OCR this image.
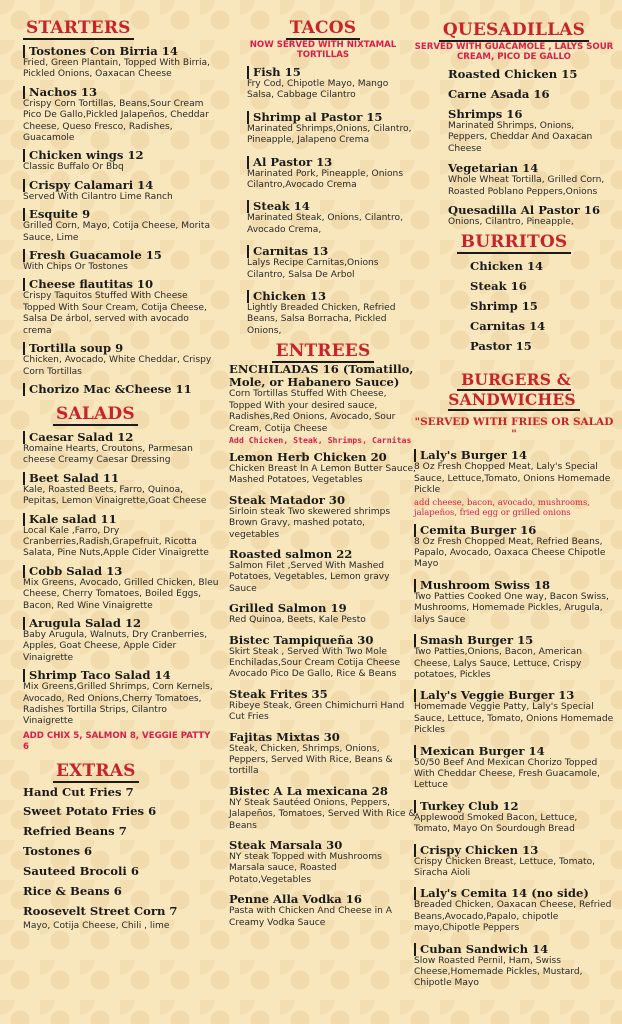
STARTERS
Tostones Con Birria 14
Fried, Green Plantain, Topped With Birria, Pickled Onions, Oaxacan Cheese
Nachos 13
Crispy Corn Tortillas, Beans,Sour Cream Pico De Gallo,Pickled Jalapeños, Cheddar Cheese, Queso Fresco, Radishes, Guacamole
Chicken wings 12
Classic Buffalo Or Bbq
Crispy Calamari 14
Served With Cilantro Lime Ranch
Esquite 9
Grilled Corn, Mayo, Cotija Cheese, Morita Sauce, Lime
Fresh Guacamole 15
With Chips Or Tostones
Cheese flautitas 10
Crispy Taquitos Stuffed With Cheese Topped With Sour Cream, Cotija Cheese, Salsa De árbol, served with avocado crema
Tortilla soup 9
Chicken, Avocado, White Cheddar, Crispy Corn Tortillas
Chorizo Mac &Cheese 11
SALADS
Caesar Salad 12
Romaine Hearts, Croutons, Parmesan cheese Creamy Caesar Dressing
Beet Salad 11
Kale, Roasted Beets, Farro, Quinoa, Pepitas, Lemon Vinaigrette,Goat Cheese
Kale salad 11
Local Kale ,Farro, Dry Cranberries,Radish,Grapefruit, Ricotta Salata, Pine Nuts,Apple Cider Vinaigrette
Cobb Salad 13
Mix Greens, Avocado, Grilled Chicken, Bleu Cheese, Cherry Tomatoes, Boiled Eggs, Bacon, Red Wine Vinaigrette
Arugula Salad 12
Baby Arugula, Walnuts, Dry Cranberries, Apples, Goat Cheese, Apple Cider Vinaigrette
Shrimp Taco Salad 14
Mix Greens,Grilled Shrimps, Corn Kernels, Avocado, Red Onions,Cherry Tomatoes, Radishes Tortilla Strips, Cilantro Vinaigrette
ADD CHIX 5, SALMON 8, VEGGIE PATTY 6
EXTRAS
Hand Cut Fries 7
Sweet Potato Fries 6
Refried Beans 7
Tostones 6
Sauteed Brocoli 6
Rice & Beans 6
Roosevelt Street Corn 7
Mayo, Cotija Cheese, Chili , lime
TACOS
NOW SERVED WITH NIXTAMAL TORTILLAS
Fish 15
Fry Cod, Chipotle Mayo, Mango Salsa, Cabbage Cilantro
Shrimp al Pastor 15
Marinated Shrimps,Onions, Cilantro, Pineapple, Jalapeno Crema
Al Pastor 13
Marinated Pork, Pineapple, Onions Cilantro,Avocado Crema
Steak 14
Marinated Steak, Onions, Cilantro, Avocado Crema,
Carnitas 13
Lalys Recipe Carnitas,Onions Cilantro, Salsa De Arbol
Chicken 13
Lightly Breaded Chicken, Refried Beans, Salsa Borracha, Pickled Onions,
ENTREES
ENCHILADAS 16 (Tomatillo, Mole, or Habanero Sauce)
Corn Tortillas Stuffed With Cheese, Topped With your desired sauce, Radishes,Red Onions, Avocado, Sour Cream, Cotija Cheese
Add Chicken, Steak, Shrimps, Carnitas
Lemon Herb Chicken 20
Chicken Breast In A Lemon Butter Sauce, Mashed Potatoes, Vegetables
Steak Matador 30
Sirloin steak Two skewered shrimps Brown Gravy, mashed potato, vegetables
Roasted salmon 22
Salmon Filet ,Served With Mashed Potatoes, Vegetables, Lemon gravy Sauce
Grilled Salmon 19
Red Quinoa, Beets, Kale Pesto
Bistec Tampiqueña 30
Skirt Steak , Served With Two Mole Enchiladas,Sour Cream Cotija Cheese Avocado Pico De Gallo, Rice & Beans
Steak Frites 35
Ribeye Steak, Green Chimichurri Hand Cut Fries
Fajitas Mixtas 30
Steak, Chicken, Shrimps, Onions, Peppers, Served With Rice, Beans & tortilla
Bistec A La mexicana 28
NY Steak Sautéed Onions, Peppers, Jalapeños, Tomatoes, Served With Rice & Beans
Steak Marsala 30
NY steak Topped with Mushrooms Marsala sauce, Roasted Potato,Vegetables
Penne Alla Vodka 16
Pasta with Chicken And Cheese in A Creamy Vodka Sauce
QUESADILLAS
SERVED WITH GUACAMOLE , LALYS SOUR CREAM, PICO DE GALLO
Roasted Chicken 15
Carne Asada 16
Shrimps 16
Marinated Shrimps, Onions, Peppers, Cheddar And Oaxacan Cheese
Vegetarian 14
Whole Wheat Tortilla, Grilled Corn, Roasted Poblano Peppers,Onions
Quesadilla Al Pastor 16
Onions, Cilantro, Pineapple,
BURRITOS
Chicken 14
Steak 16
Shrimp 15
Carnitas 14
Pastor 15
BURGERS & SANDWICHES
"SERVED WITH FRIES OR SALAD "
Laly's Burger 14
8 Oz Fresh Chopped Meat, Laly's Special Sauce, Lettuce,Tomato, Onions Homemade Pickle
add cheese, bacon, avocado, mushrooms, jalapeños, fried egg or grilled onions
Cemita Burger 16
8 Oz Fresh Chopped Meat, Refried Beans, Papalo, Avocado, Oaxaca Cheese Chipotle Mayo
Mushroom Swiss 18
Two Patties Cooked One way, Bacon Swiss, Mushrooms, Homemade Pickles, Arugula, lalys Sauce
Smash Burger 15
Two Patties,Onions, Bacon, American Cheese, Lalys Sauce, Lettuce, Crispy potatoes, Pickles
Laly's Veggie Burger 13
Homemade Veggie Patty, Laly's Special Sauce, Lettuce, Tomato, Onions Homemade Pickles
Mexican Burger 14
50/50 Beef And Mexican Chorizo Topped With Cheddar Cheese, Fresh Guacamole, Lettuce
Turkey Club 12
Applewood Smoked Bacon, Lettuce, Tomato, Mayo On Sourdough Bread
Crispy Chicken 13
Crispy Chicken Breast, Lettuce, Tomato, Siracha Aioli
Laly's Cemita 14 (no side)
Breaded Chicken, Oaxacan Cheese, Refried Beans,Avocado,Papalo, chipotle mayo,Chipotle Peppers
Cuban Sandwich 14
Slow Roasted Pernil, Ham, Swiss Cheese,Homemade Pickles, Mustard, Chipotle Mayo
